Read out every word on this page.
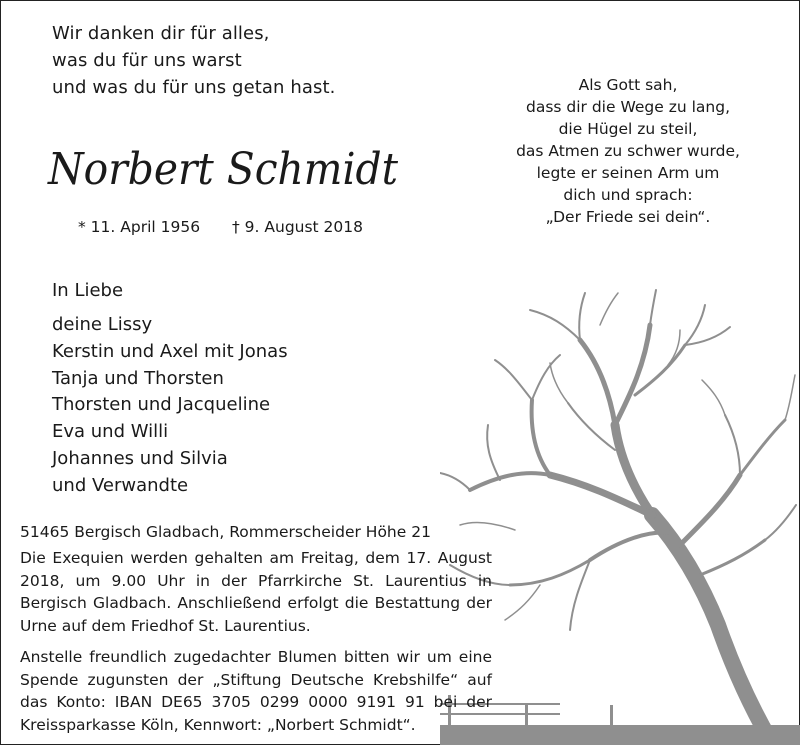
Wir danken dir für alles,
was du für uns warst
und was du für uns getan hast.
Norbert Schmidt
* 11. April 1956 † 9. August 2018
Als Gott sah,
dass dir die Wege zu lang,
die Hügel zu steil,
das Atmen zu schwer wurde,
legte er seinen Arm um
dich und sprach:
„Der Friede sei dein“.
In Liebe
deine Lissy
Kerstin und Axel mit Jonas
Tanja und Thorsten
Thorsten und Jacqueline
Eva und Willi
Johannes und Silvia
und Verwandte
51465 Bergisch Gladbach, Rommerscheider Höhe 21
Die Exequien werden gehalten am Freitag, dem 17. August 2018, um 9.00 Uhr in der Pfarrkirche St. Laurentius in Bergisch Gladbach. Anschließend erfolgt die Bestattung der Urne auf dem Friedhof St. Laurentius.
Anstelle freundlich zugedachter Blumen bitten wir um eine Spende zugunsten der „Stiftung Deutsche Krebshilfe“ auf das Konto: IBAN DE65 3705 0299 0000 9191 91 bei der Kreissparkasse Köln, Kennwort: „Norbert Schmidt“.
